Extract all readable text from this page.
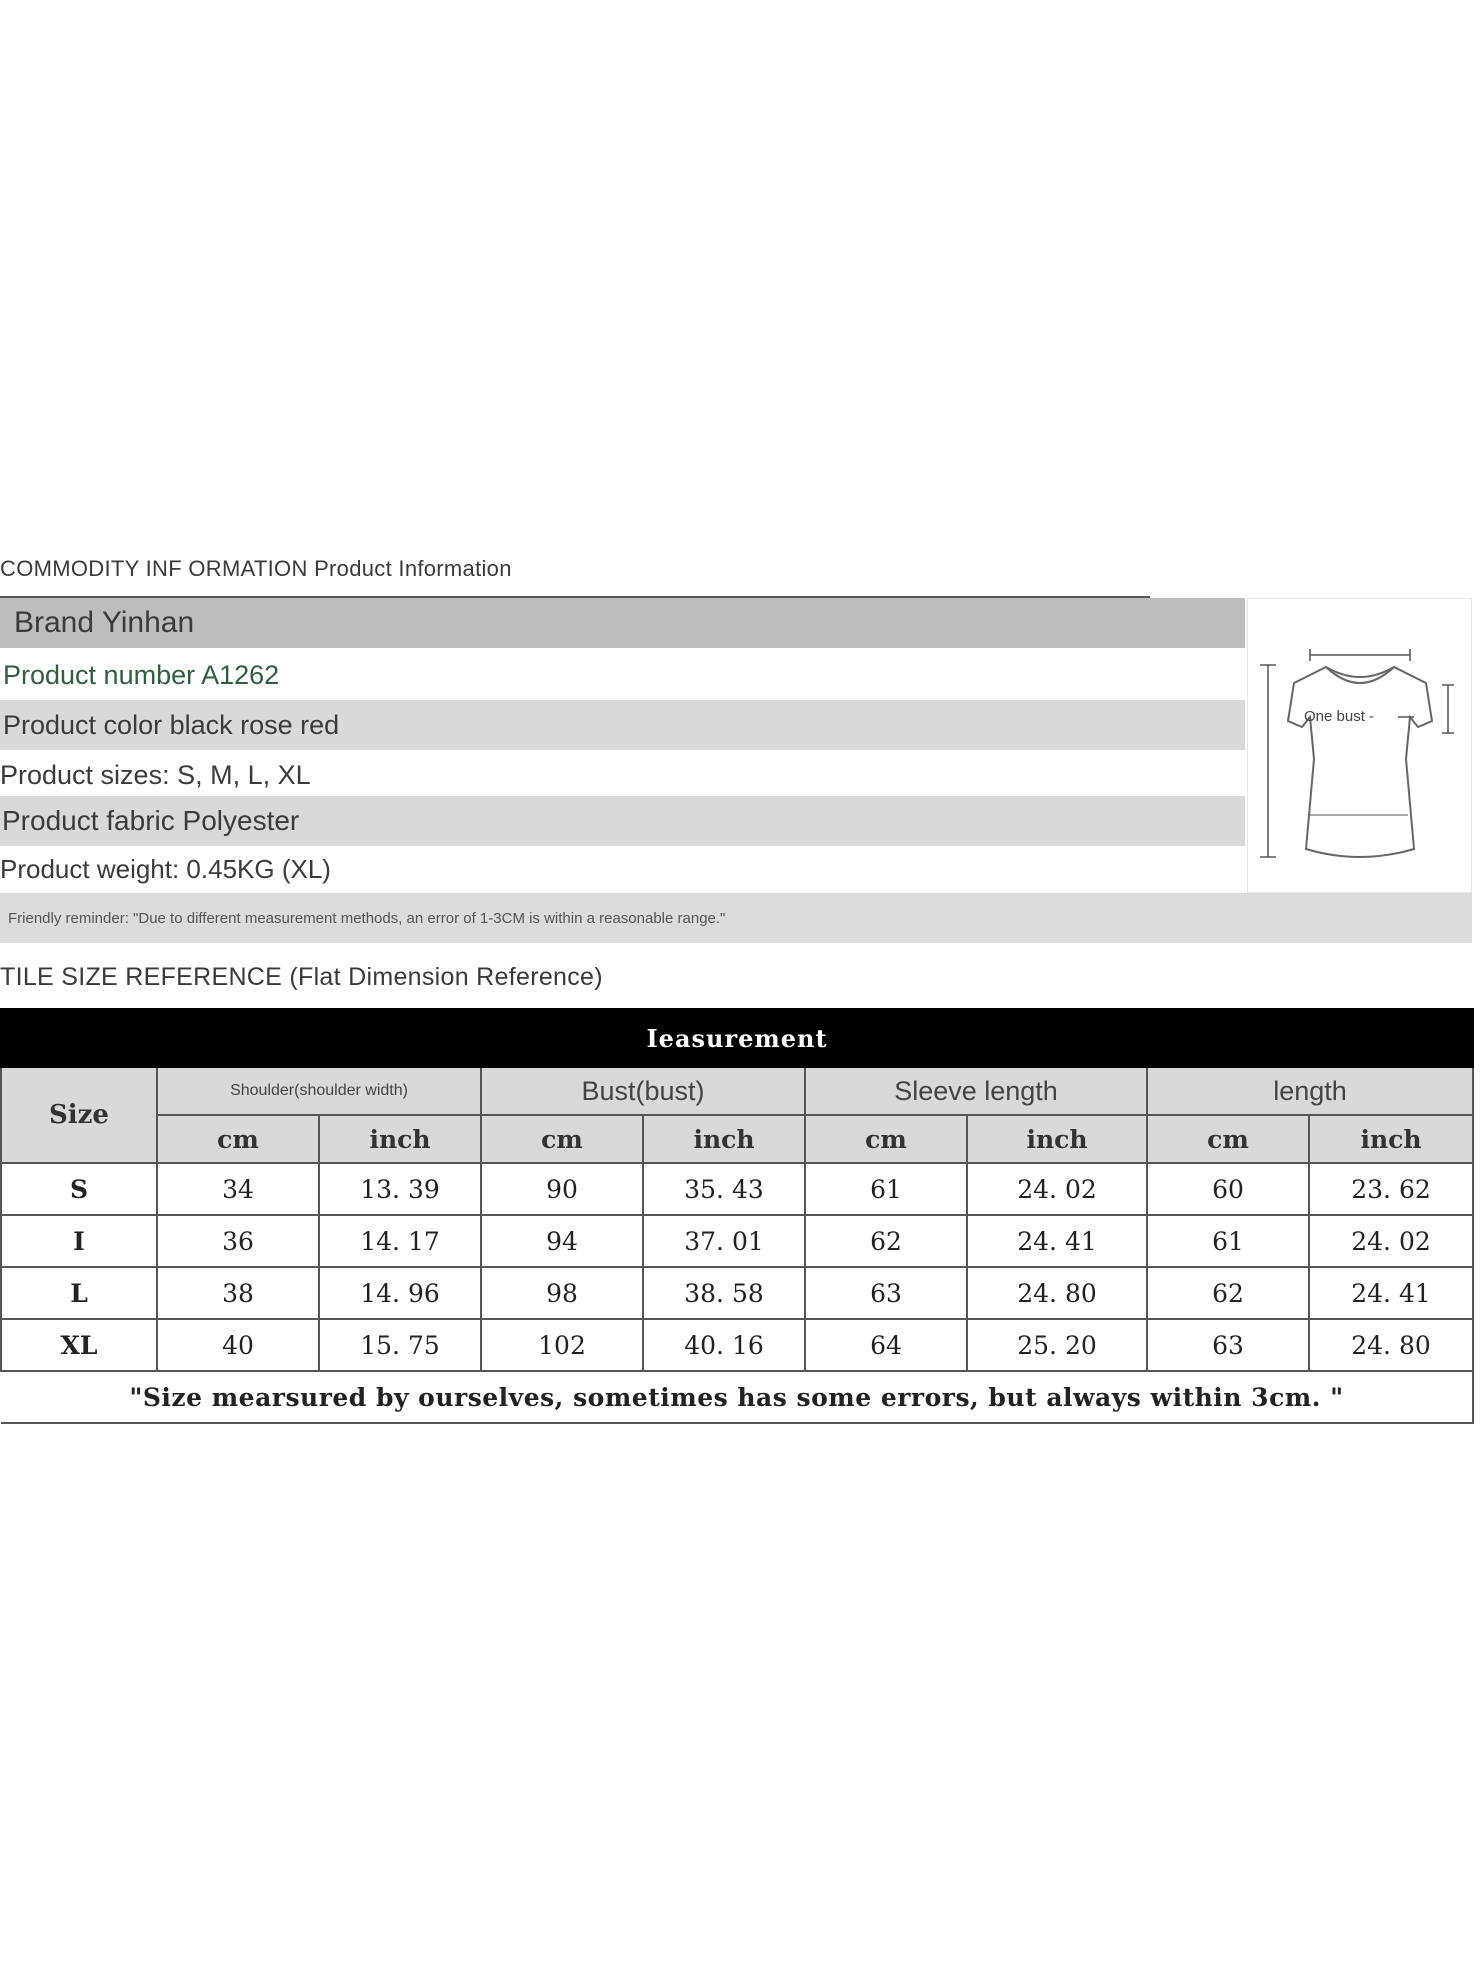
COMMODITY INF ORMATION Product Information
Brand Yinhan
Product number A1262
Product color black rose red
Product sizes: S, M, L, XL
Product fabric Polyester
Product weight: 0.45KG (XL)
One bust -
Friendly reminder: "Due to different measurement methods, an error of 1-3CM is within a reasonable range."
TILE SIZE REFERENCE (Flat Dimension Reference)
Ieasurement								
Size	Shoulder(shoulder width)		Bust(bust)		Sleeve length		length	
	cm	inch	cm	inch	cm	inch	cm	inch
S	34	13. 39	90	35. 43	61	24. 02	60	23. 62
I	36	14. 17	94	37. 01	62	24. 41	61	24. 02
L	38	14. 96	98	38. 58	63	24. 80	62	24. 41
XL	40	15. 75	102	40. 16	64	25. 20	63	24. 80
"Size mearsured by ourselves, sometimes has some errors, but always within 3cm. "								
